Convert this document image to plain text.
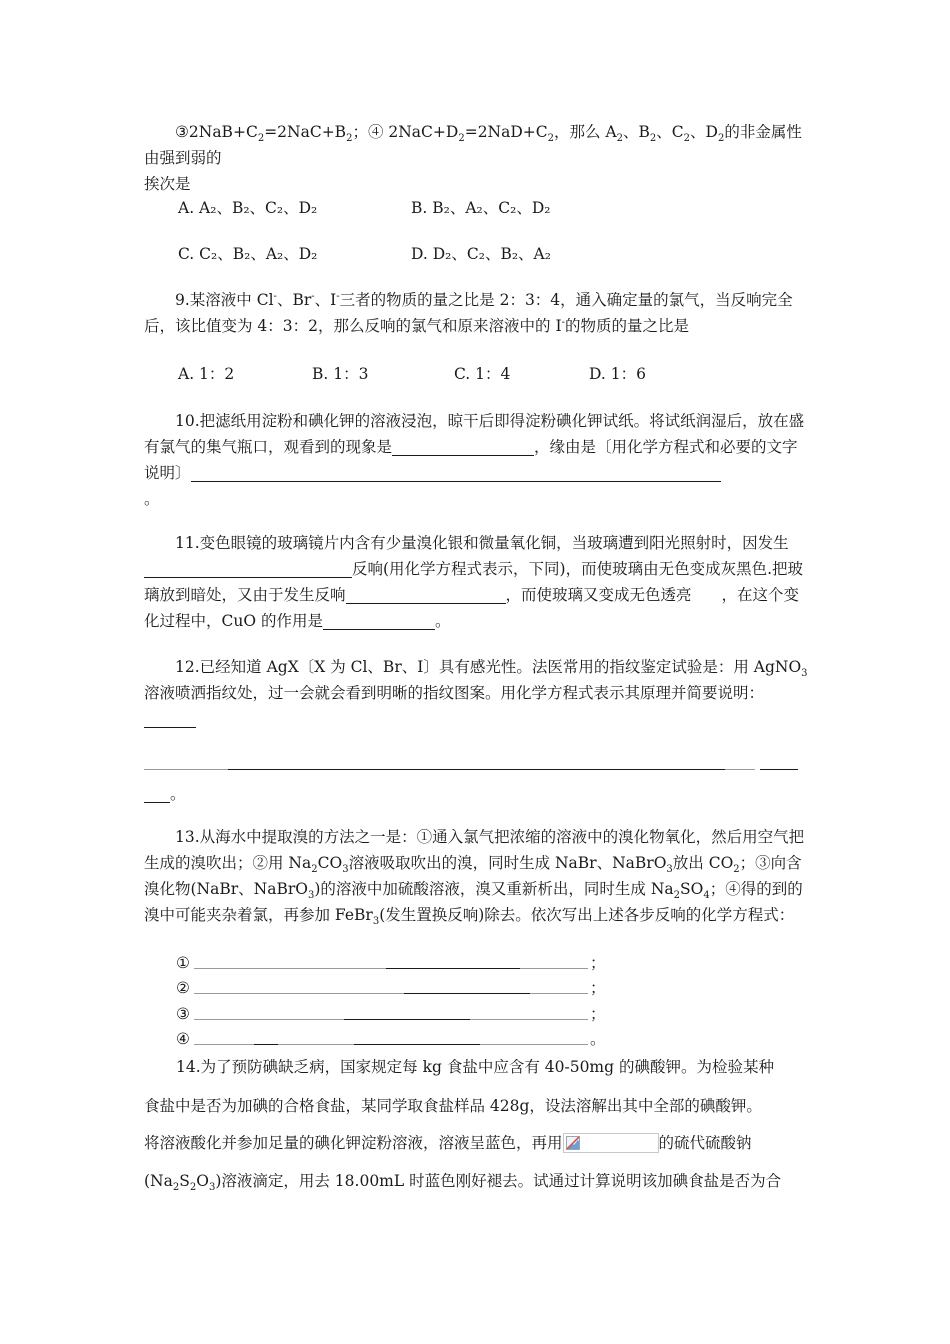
$③2NaB+C_2=2NaC+B_2$；④ $2NaC+D_2=2NaD+C_2$，那么 $A_2$、$B_2$、$C_2$、$D_2$的非金属性由强到弱的
挨次是

A. A₂、B₂、C₂、D₂	B. B₂、A₂、C₂、D₂
C. C₂、B₂、A₂、D₂	D. D₂、C₂、B₂、A₂

9.某溶液中 Cl-、Br-、I-三者的物质的量之比是 2：3：4，通入确定量的氯气，当反响完全后，该比值变为 4：3：2，那么反响的氯气和原来溶液中的 I-的物质的量之比是

A. 1：2	B. 1：3	C. 1：4	D. 1：6

10.把滤纸用淀粉和碘化钾的溶液浸泡，晾干后即得淀粉碘化钾试纸。将试纸润湿后，放在盛有氯气的集气瓶口，观看到的现象是	，缘由是〔用化学方程式和必要的文字说明〕
。

11.变色眼镜的玻璃镜片内含有少量溴化银和微量氧化铜，当玻璃遭到阳光照射时，因发生反响(用化学方程式表示，下同)，而使玻璃由无色变成灰黑色.把玻璃放到暗处，又由于发生反响	，而使玻璃又变成无色透亮 ，在这个变化过程中，CuO 的作用是	。

12.已经知道 AgX〔X 为 Cl、Br、I〕具有感光性。法医常用的指纹鉴定试验是：用 AgNO$_3$溶液喷洒指纹处，过一会就会看到明晰的指纹图案。用化学方程式表示其原理并简要说明：

。

13.从海水中提取溴的方法之一是：①通入氯气把浓缩的溶液中的溴化物氧化，然后用空气把生成的溴吹出；②用 $Na_2CO_3$溶液吸取吹出的溴，同时生成 NaBr、NaBrO$_3$放出 $CO_2$；③向含溴化物(NaBr、NaBrO$_3$)的溶液中加硫酸溶液，溴又重新析出，同时生成 $Na_2SO_4$；④得的到的溴中可能夹杂着氯，再参加 FeBr$_3$(发生置换反响)除去。依次写出上述各步反响的化学方程式：

①	；
②	；
③	；
④	。
14.为了预防碘缺乏病，国家规定每 kg 食盐中应含有 40-50mg 的碘酸钾。为检验某种
食盐中是否为加碘的合格食盐，某同学取食盐样品 428g，设法溶解出其中全部的碘酸钾。
将溶液酸化并参加足量的碘化钾淀粉溶液，溶液呈蓝色，再用	的硫代硫酸钠
$(Na_2S_2O_3)$溶液滴定，用去 18.00mL 时蓝色刚好褪去。试通过计算说明该加碘食盐是否为合
